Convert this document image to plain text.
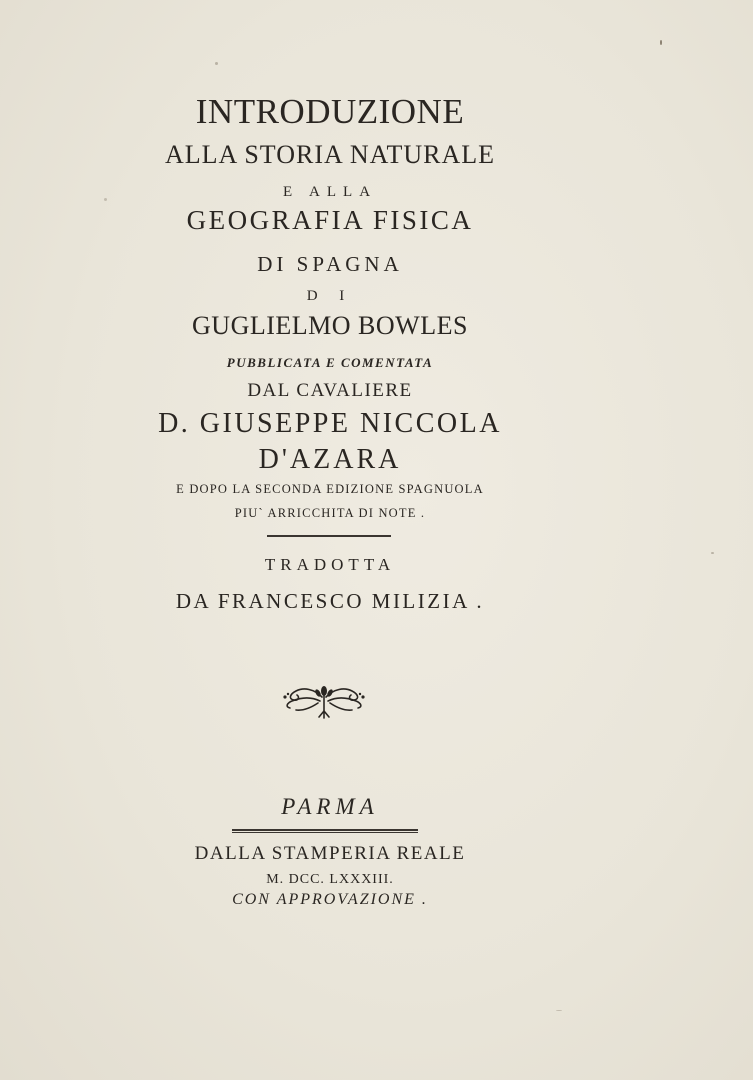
INTRODUZIONE
ALLA STORIA NATURALE
E ALLA
GEOGRAFIA FISICA
DI SPAGNA
D I
GUGLIELMO BOWLES
PUBBLICATA E COMENTATA
DAL CAVALIERE
D. GIUSEPPE NICCOLA
D'AZARA
E DOPO LA SECONDA EDIZIONE SPAGNUOLA
PIU` ARRICCHITA DI NOTE .
TRADOTTA
DA FRANCESCO MILIZIA .
PARMA
DALLA STAMPERIA REALE
M. DCC. LXXXIII.
CON APPROVAZIONE .
